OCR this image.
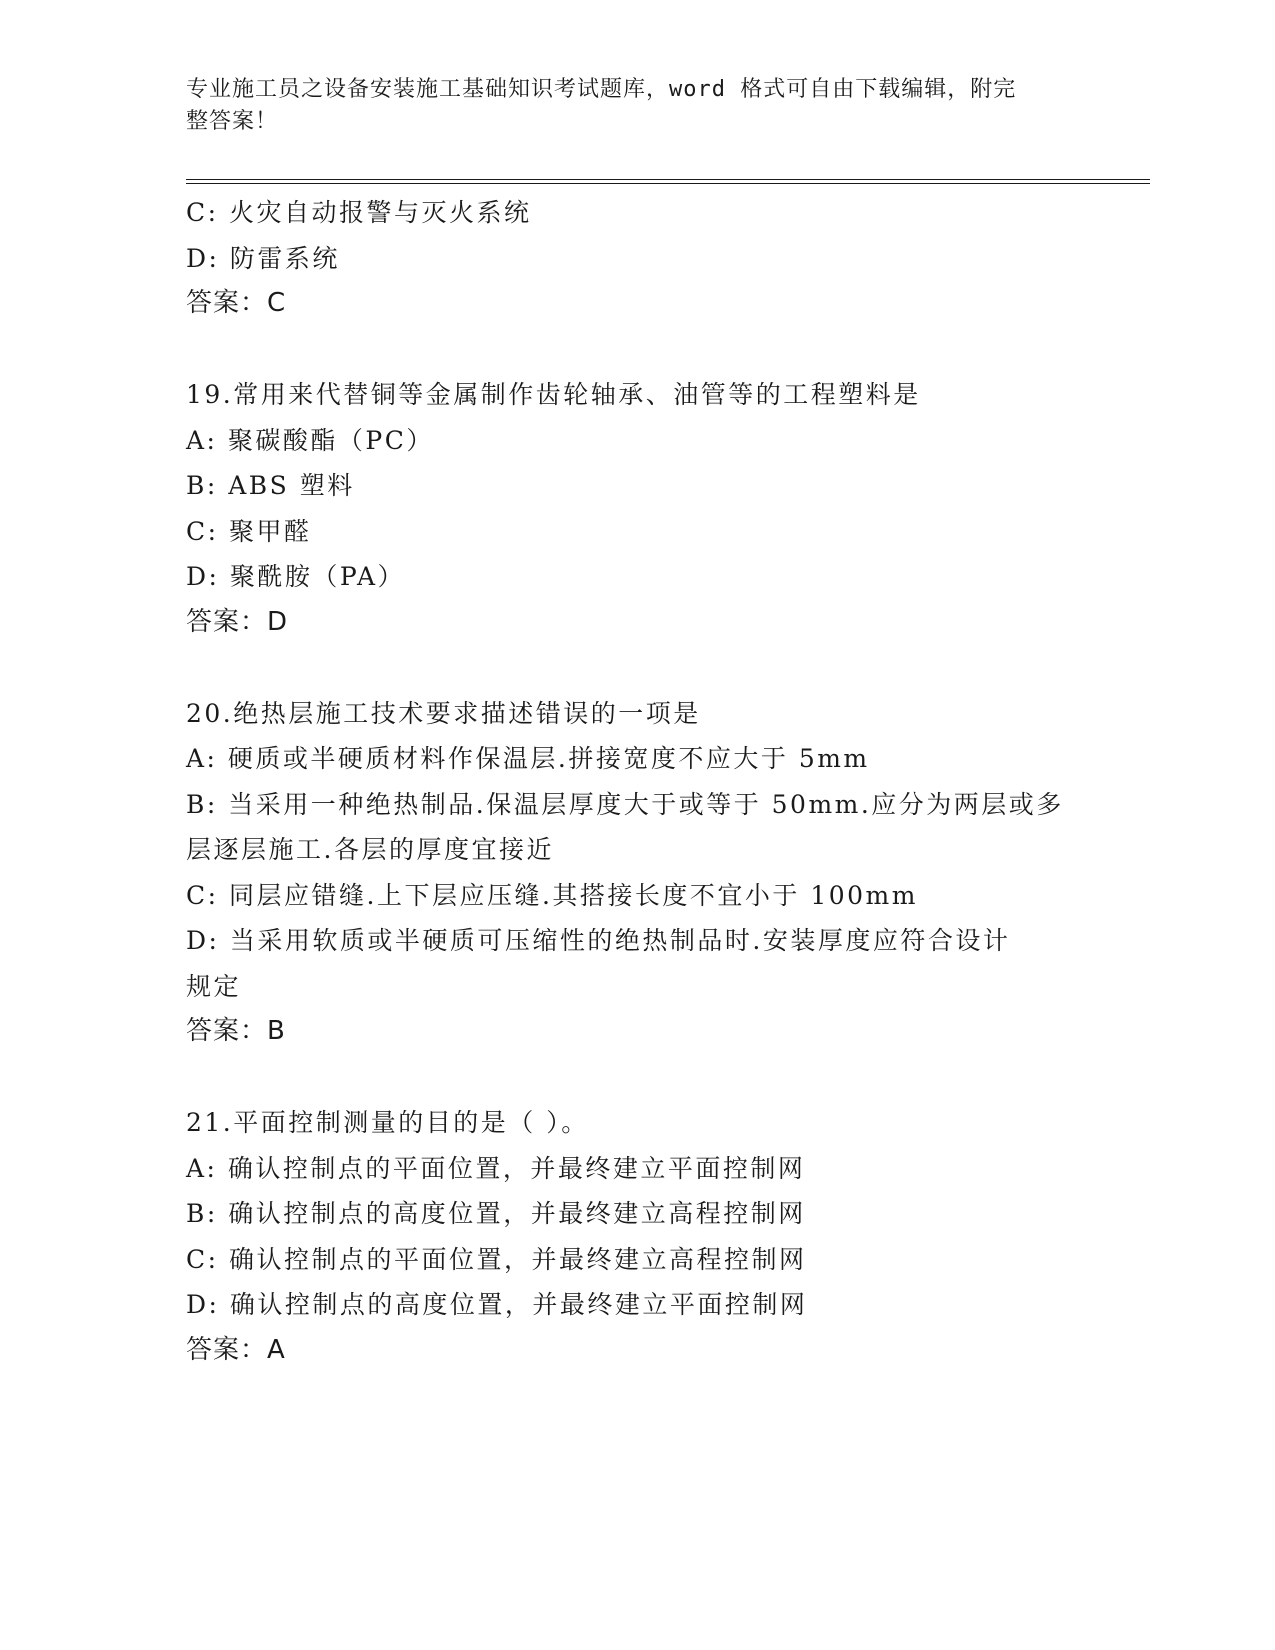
专业施工员之设备安装施工基础知识考试题库，word 格式可自由下载编辑，附完
整答案！
C: 火灾自动报警与灭火系统
D: 防雷系统
答案：C
19.常用来代替铜等金属制作齿轮轴承、油管等的工程塑料是
A: 聚碳酸酯（PC）
B: ABS 塑料
C: 聚甲醛
D: 聚酰胺（PA）
答案：D
20.绝热层施工技术要求描述错误的一项是
A: 硬质或半硬质材料作保温层.拼接宽度不应大于 5mm
B: 当采用一种绝热制品.保温层厚度大于或等于 50mm.应分为两层或多
层逐层施工.各层的厚度宜接近
C: 同层应错缝.上下层应压缝.其搭接长度不宜小于 100mm
D: 当采用软质或半硬质可压缩性的绝热制品时.安装厚度应符合设计
规定
答案：B
21.平面控制测量的目的是（ ）。
A: 确认控制点的平面位置，并最终建立平面控制网
B: 确认控制点的高度位置，并最终建立高程控制网
C: 确认控制点的平面位置，并最终建立高程控制网
D: 确认控制点的高度位置，并最终建立平面控制网
答案：A
